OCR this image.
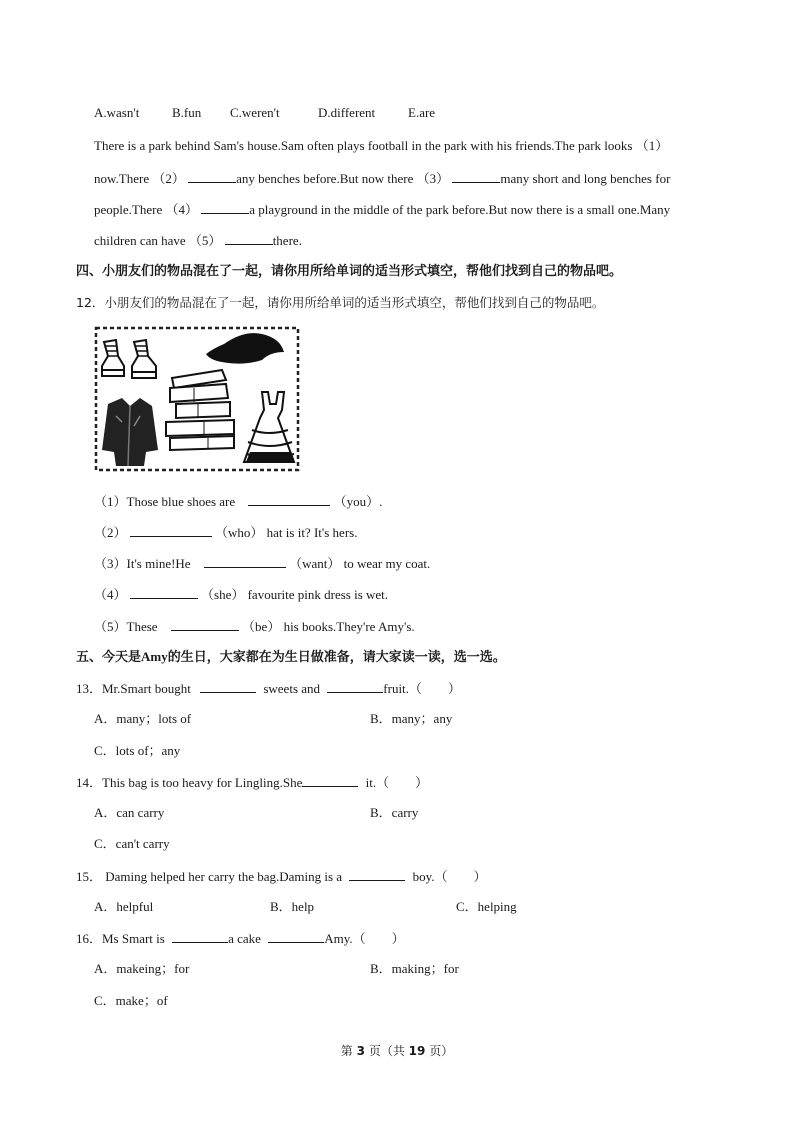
A.wasn't	B.fun C.weren't	D.different	E.are
There is a park behind Sam's house.Sam often plays football in the park with his friends.The park looks （1）
now.There （2）	any benches before.But now there （3）	many short and long benches for
people.There （4）	a playground in the middle of the park before.But now there is a small one.Many
children can have （5）	there.
四、小朋友们的物品混在了一起，请你用所给单词的适当形式填空，帮他们找到自己的物品吧。
12．小朋友们的物品混在了一起，请你用所给单词的适当形式填空，帮他们找到自己的物品吧。
（1）Those blue shoes are	（you）.
（2）	（who） hat is it? It's hers.
（3）It's mine!He	（want） to wear my coat.
（4）	（she） favourite pink dress is wet.
（5）These	（be） his books.They're Amy's.
五、今天是Amy的生日，大家都在为生日做准备，请大家读一读，选一选。
13．Mr.Smart bought	sweets and	fruit.（　　）
A．many；lots of	B．many；any
C．lots of；any
14．This bag is too heavy for Lingling.She	it.（　　）
A．can carry	B．carry
C．can't carry
15． Daming helped her carry the bag.Daming is a	boy.（　　）
A．helpful	B．help	C．helping
16．Ms Smart is	a cake	Amy.（　　）
A．makeing；for	B．making；for
C．make；of
第 3 页（共 19 页）
